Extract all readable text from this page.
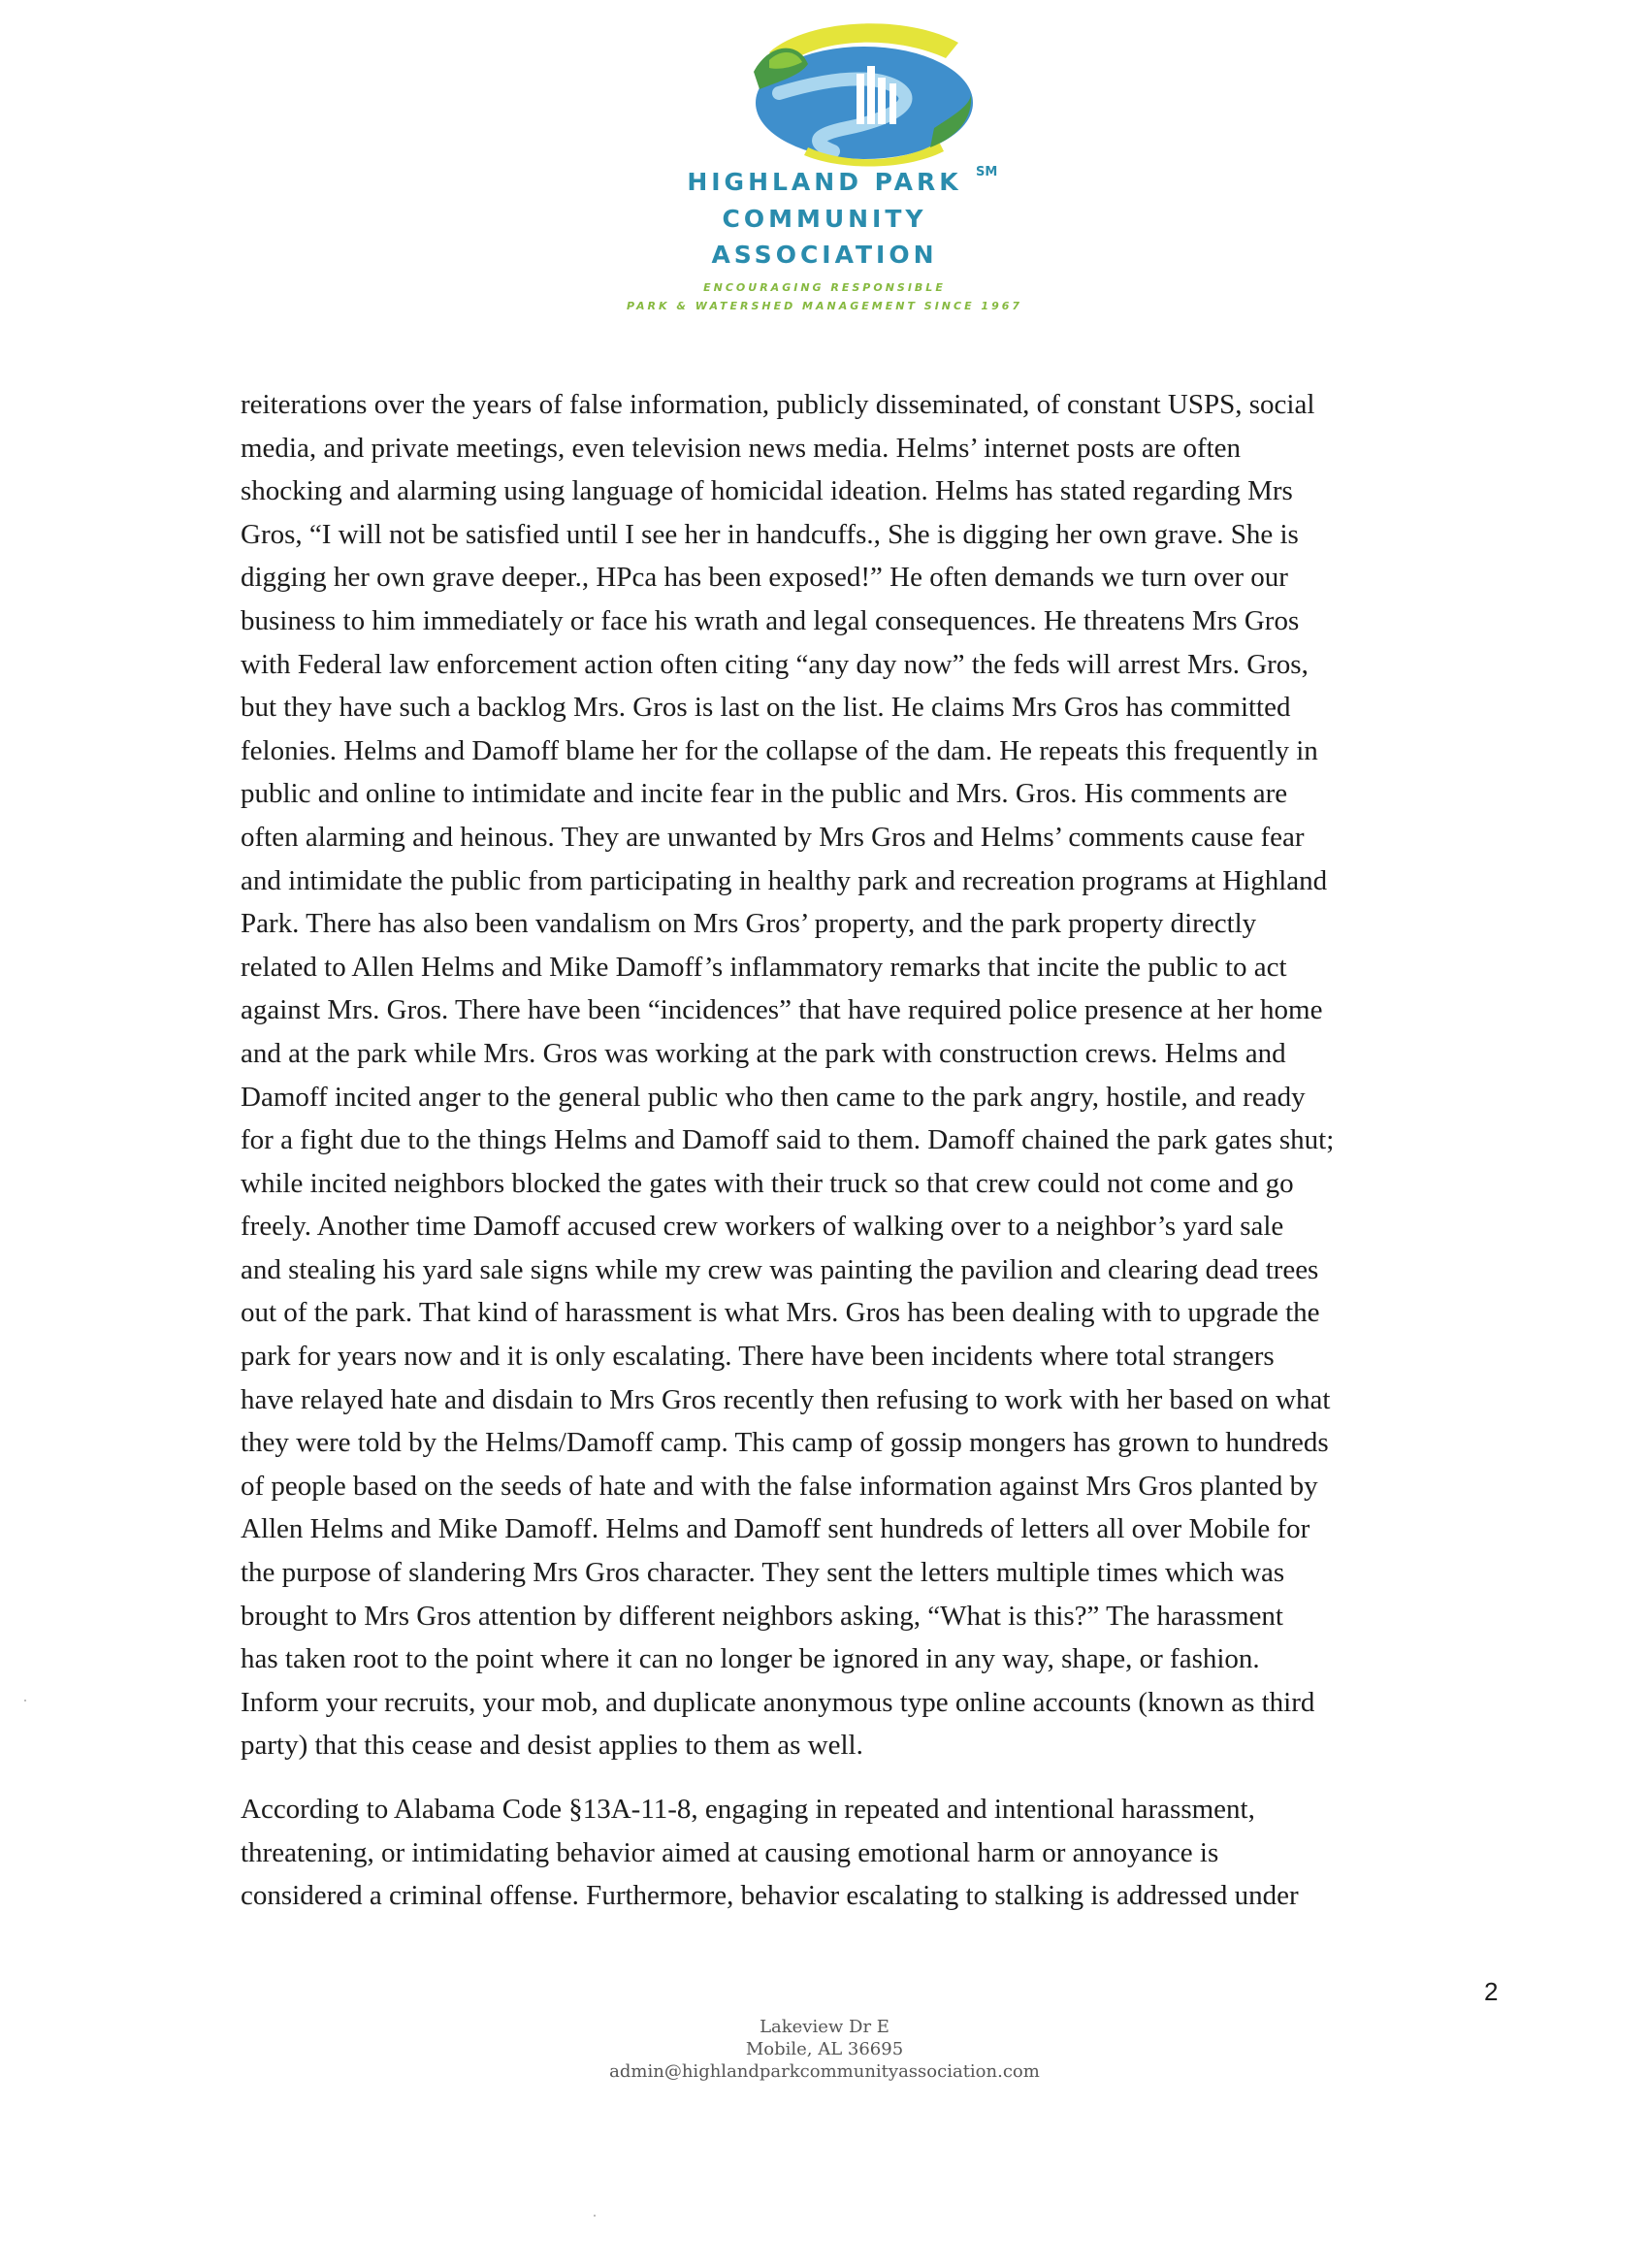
HIGHLAND PARK	SM
COMMUNITY
ASSOCIATION
ENCOURAGING RESPONSIBLE
PARK & WATERSHED MANAGEMENT SINCE 1967
reiterations over the years of false information, publicly disseminated, of constant USPS, social
media, and private meetings, even television news media. Helms’ internet posts are often
shocking and alarming using language of homicidal ideation. Helms has stated regarding Mrs
Gros, “I will not be satisfied until I see her in handcuffs., She is digging her own grave. She is
digging her own grave deeper., HPca has been exposed!” He often demands we turn over our
business to him immediately or face his wrath and legal consequences. He threatens Mrs Gros
with Federal law enforcement action often citing “any day now” the feds will arrest Mrs. Gros,
but they have such a backlog Mrs. Gros is last on the list. He claims Mrs Gros has committed
felonies. Helms and Damoff blame her for the collapse of the dam. He repeats this frequently in
public and online to intimidate and incite fear in the public and Mrs. Gros. His comments are
often alarming and heinous. They are unwanted by Mrs Gros and Helms’ comments cause fear
and intimidate the public from participating in healthy park and recreation programs at Highland
Park. There has also been vandalism on Mrs Gros’ property, and the park property directly
related to Allen Helms and Mike Damoff’s inflammatory remarks that incite the public to act
against Mrs. Gros. There have been “incidences” that have required police presence at her home
and at the park while Mrs. Gros was working at the park with construction crews. Helms and
Damoff incited anger to the general public who then came to the park angry, hostile, and ready
for a fight due to the things Helms and Damoff said to them. Damoff chained the park gates shut;
while incited neighbors blocked the gates with their truck so that crew could not come and go
freely. Another time Damoff accused crew workers of walking over to a neighbor’s yard sale
and stealing his yard sale signs while my crew was painting the pavilion and clearing dead trees
out of the park. That kind of harassment is what Mrs. Gros has been dealing with to upgrade the
park for years now and it is only escalating. There have been incidents where total strangers
have relayed hate and disdain to Mrs Gros recently then refusing to work with her based on what
they were told by the Helms/Damoff camp. This camp of gossip mongers has grown to hundreds
of people based on the seeds of hate and with the false information against Mrs Gros planted by
Allen Helms and Mike Damoff. Helms and Damoff sent hundreds of letters all over Mobile for
the purpose of slandering Mrs Gros character. They sent the letters multiple times which was
brought to Mrs Gros attention by different neighbors asking, “What is this?” The harassment
has taken root to the point where it can no longer be ignored in any way, shape, or fashion.
Inform your recruits, your mob, and duplicate anonymous type online accounts (known as third
party) that this cease and desist applies to them as well.
According to Alabama Code §13A-11-8, engaging in repeated and intentional harassment,
threatening, or intimidating behavior aimed at causing emotional harm or annoyance is
considered a criminal offense. Furthermore, behavior escalating to stalking is addressed under
2
Lakeview Dr E
Mobile, AL 36695
admin@highlandparkcommunityassociation.com
